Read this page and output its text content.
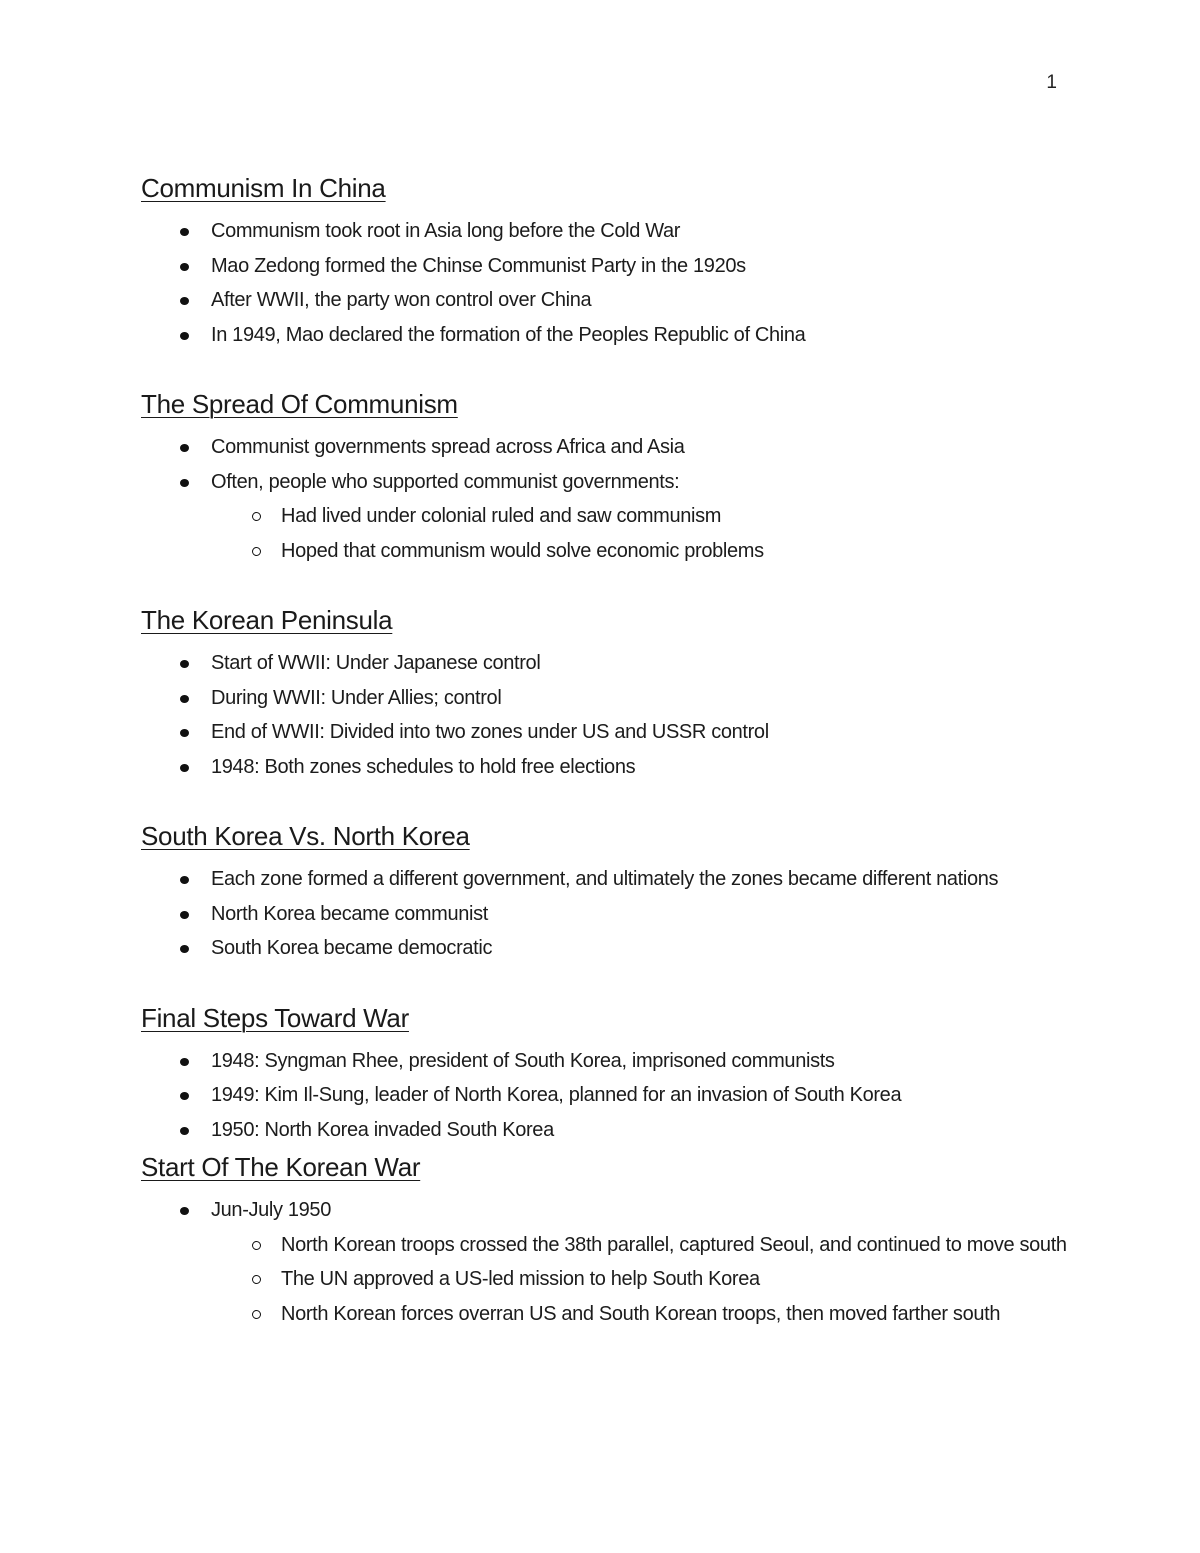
1
Communism In China
Communism took root in Asia long before the Cold War
Mao Zedong formed the Chinse Communist Party in the 1920s
After WWII, the party won control over China
In 1949, Mao declared the formation of the Peoples Republic of China
The Spread Of Communism
Communist governments spread across Africa and Asia
Often, people who supported communist governments:
Had lived under colonial ruled and saw communism
Hoped that communism would solve economic problems
The Korean Peninsula
Start of WWII: Under Japanese control
During WWII: Under Allies; control
End of WWII: Divided into two zones under US and USSR control
1948: Both zones schedules to hold free elections
South Korea Vs. North Korea
Each zone formed a different government, and ultimately the zones became different nations
North Korea became communist
South Korea became democratic
Final Steps Toward War
1948: Syngman Rhee, president of South Korea, imprisoned communists
1949: Kim Il-Sung, leader of North Korea, planned for an invasion of South Korea
1950: North Korea invaded South Korea
Start Of The Korean War
Jun-July 1950
North Korean troops crossed the 38th parallel, captured Seoul, and continued to move south
The UN approved a US-led mission to help South Korea
North Korean forces overran US and South Korean troops, then moved farther south
